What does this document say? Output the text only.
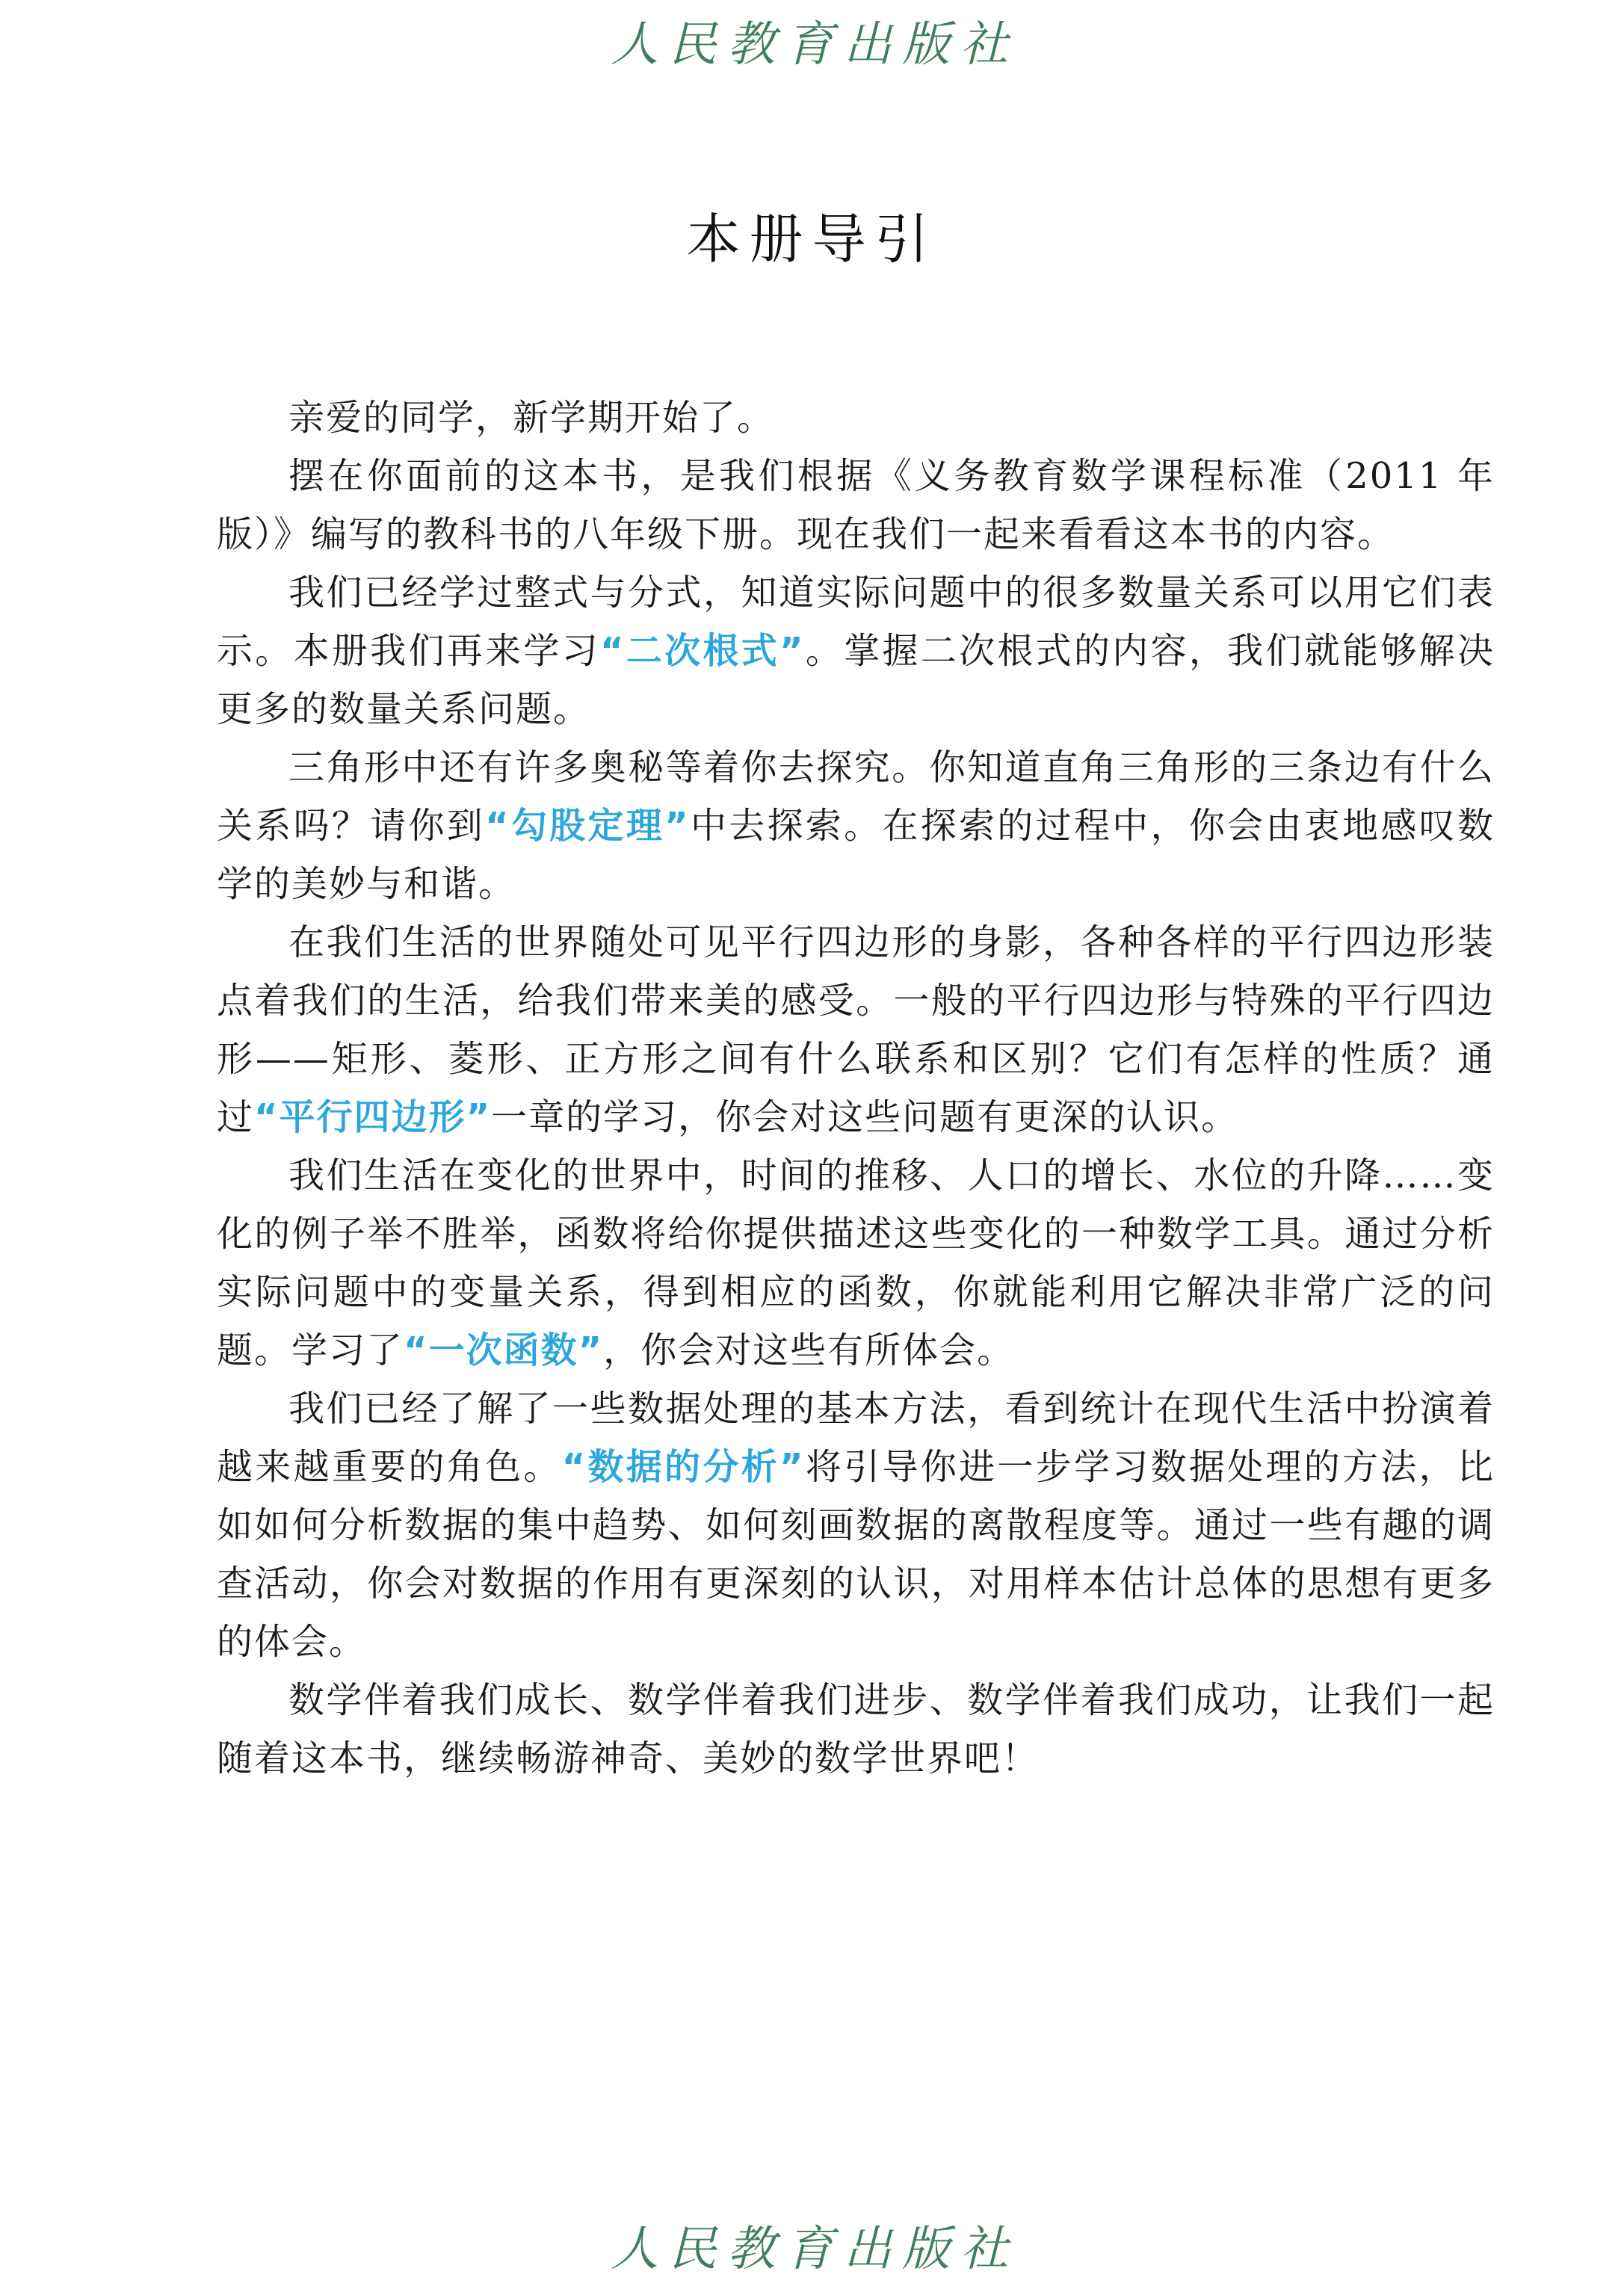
人民教育出版社
本册导引

亲爱的同学，新学期开始了。

摆在你面前的这本书，是我们根据《义务教育数学课程标准（2011 年版）》编写的教科书的八年级下册。现在我们一起来看看这本书的内容。

我们已经学过整式与分式，知道实际问题中的很多数量关系可以用它们表示。本册我们再来学习“二次根式”。掌握二次根式的内容，我们就能够解决更多的数量关系问题。

三角形中还有许多奥秘等着你去探究。你知道直角三角形的三条边有什么关系吗？请你到“勾股定理”中去探索。在探索的过程中，你会由衷地感叹数学的美妙与和谐。

在我们生活的世界随处可见平行四边形的身影，各种各样的平行四边形装点着我们的生活，给我们带来美的感受。一般的平行四边形与特殊的平行四边形——矩形、菱形、正方形之间有什么联系和区别？它们有怎样的性质？通过“平行四边形”一章的学习，你会对这些问题有更深的认识。

我们生活在变化的世界中，时间的推移、人口的增长、水位的升降……变化的例子举不胜举，函数将给你提供描述这些变化的一种数学工具。通过分析实际问题中的变量关系，得到相应的函数，你就能利用它解决非常广泛的问题。学习了“一次函数”，你会对这些有所体会。

我们已经了解了一些数据处理的基本方法，看到统计在现代生活中扮演着越来越重要的角色。“数据的分析”将引导你进一步学习数据处理的方法，比如如何分析数据的集中趋势、如何刻画数据的离散程度等。通过一些有趣的调查活动，你会对数据的作用有更深刻的认识，对用样本估计总体的思想有更多的体会。

数学伴着我们成长、数学伴着我们进步、数学伴着我们成功，让我们一起随着这本书，继续畅游神奇、美妙的数学世界吧！

人民教育出版社
